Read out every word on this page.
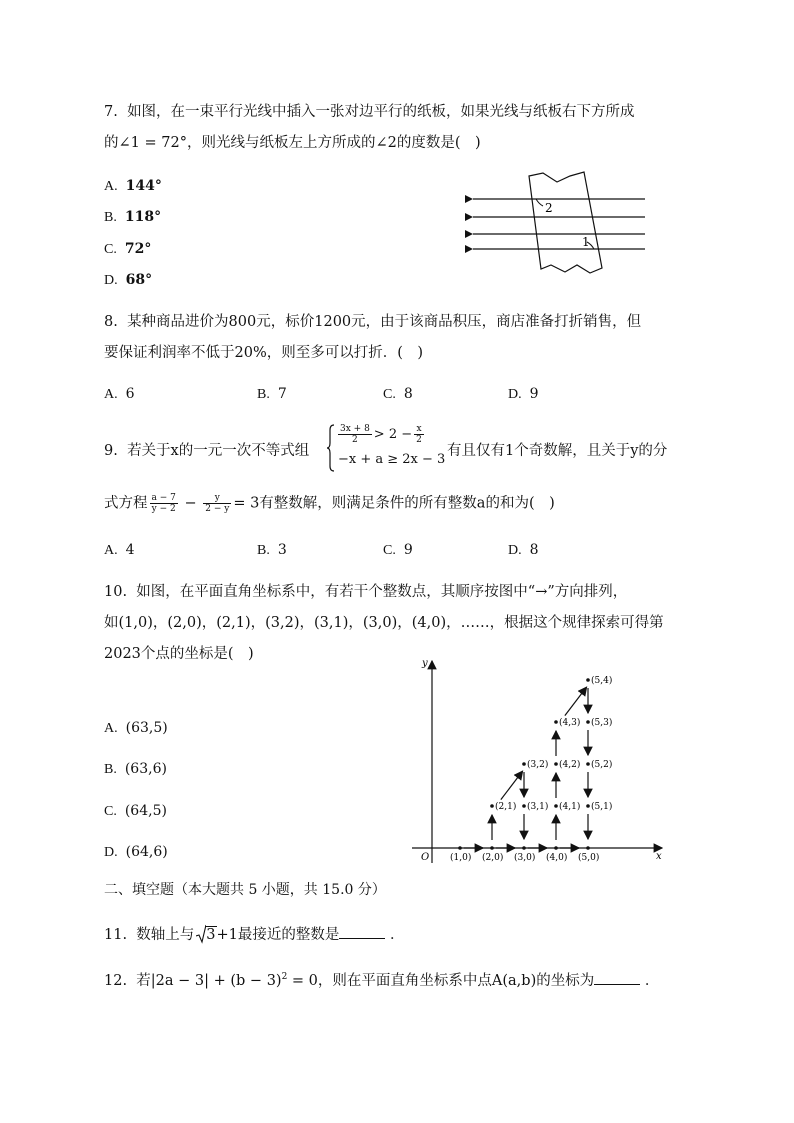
7. 如图，在一束平行光线中插入一张对边平行的纸板，如果光线与纸板右下方所成
的∠1 = 72°，则光线与纸板左上方所成的∠2的度数是(　)
A. 144°
B. 118°
C. 72°
D. 68°
2
1
8. 某种商品进价为800元，标价1200元，由于该商品积压，商店准备打折销售，但
要保证利润率不低于20%，则至多可以打折．(　)
A. 6	B. 7	C. 8	D. 9
9. 若关于x的一元一次不等式组
$\frac{3x + 8}{2} > 2 - \frac{x}{2}$
−x + a ≥ 2x − 3
有且仅有1个奇数解，且关于y的分
式方程 $\frac{a - 7}{y - 2} - \frac{y}{2 - y} = 3$有整数解，则满足条件的所有整数a的和为(　)
A. 4	B. 3	C. 9	D. 8
10. 如图，在平面直角坐标系中，有若干个整数点，其顺序按图中“→”方向排列，
如(1,0)，(2,0)，(2,1)，(3,2)，(3,1)，(3,0)，(4,0)，……，根据这个规律探索可得第
2023个点的坐标是(　)
A. (63,5)
B. (63,6)
C. (64,5)
D. (64,6)
y
x
O (1,0) (2,0) (3,0) (4,0) (5,0)
(2,1) (3,1) (4,1) (5,1)
(3,2) (4,2) (5,2)
(4,3) (5,3)
(5,4)
二、填空题（本大题共 5 小题，共 15.0 分）
11. 数轴上与 3+1最接近的整数是	．
12. 若$|2a - 3| + (b - 3)^2 = 0$，则在平面直角坐标系中点A(a,b)的坐标为	．
